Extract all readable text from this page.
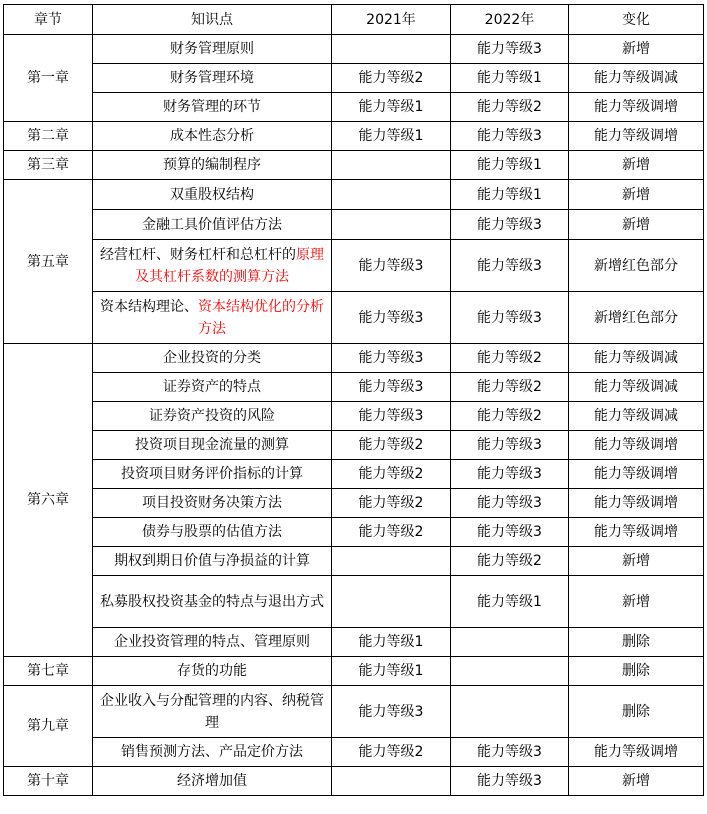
章节	知识点	2021年	2022年	变化
第一章	财务管理原则		能力等级3	新增
	财务管理环境	能力等级2	能力等级1	能力等级调减
	财务管理的环节	能力等级1	能力等级2	能力等级调增
第二章	成本性态分析	能力等级1	能力等级3	能力等级调增
第三章	预算的编制程序		能力等级1	新增
第五章	双重股权结构		能力等级1	新增
	金融工具价值评估方法		能力等级3	新增
	经营杠杆、财务杠杆和总杠杆的原理及其杠杆系数的测算方法	能力等级3	能力等级3	新增红色部分
	资本结构理论、资本结构优化的分析方法	能力等级3	能力等级3	新增红色部分
第六章	企业投资的分类	能力等级3	能力等级2	能力等级调减
	证券资产的特点	能力等级3	能力等级2	能力等级调减
	证券资产投资的风险	能力等级3	能力等级2	能力等级调减
	投资项目现金流量的测算	能力等级2	能力等级3	能力等级调增
	投资项目财务评价指标的计算	能力等级2	能力等级3	能力等级调增
	项目投资财务决策方法	能力等级2	能力等级3	能力等级调增
	债券与股票的估值方法	能力等级2	能力等级3	能力等级调增
	期权到期日价值与净损益的计算		能力等级2	新增
	私募股权投资基金的特点与退出方式		能力等级1	新增
	企业投资管理的特点、管理原则	能力等级1		删除
第七章	存货的功能	能力等级1		删除
第九章	企业收入与分配管理的内容、纳税管理	能力等级3		删除
	销售预测方法、产品定价方法	能力等级2	能力等级3	能力等级调增
第十章	经济增加值		能力等级3	新增
